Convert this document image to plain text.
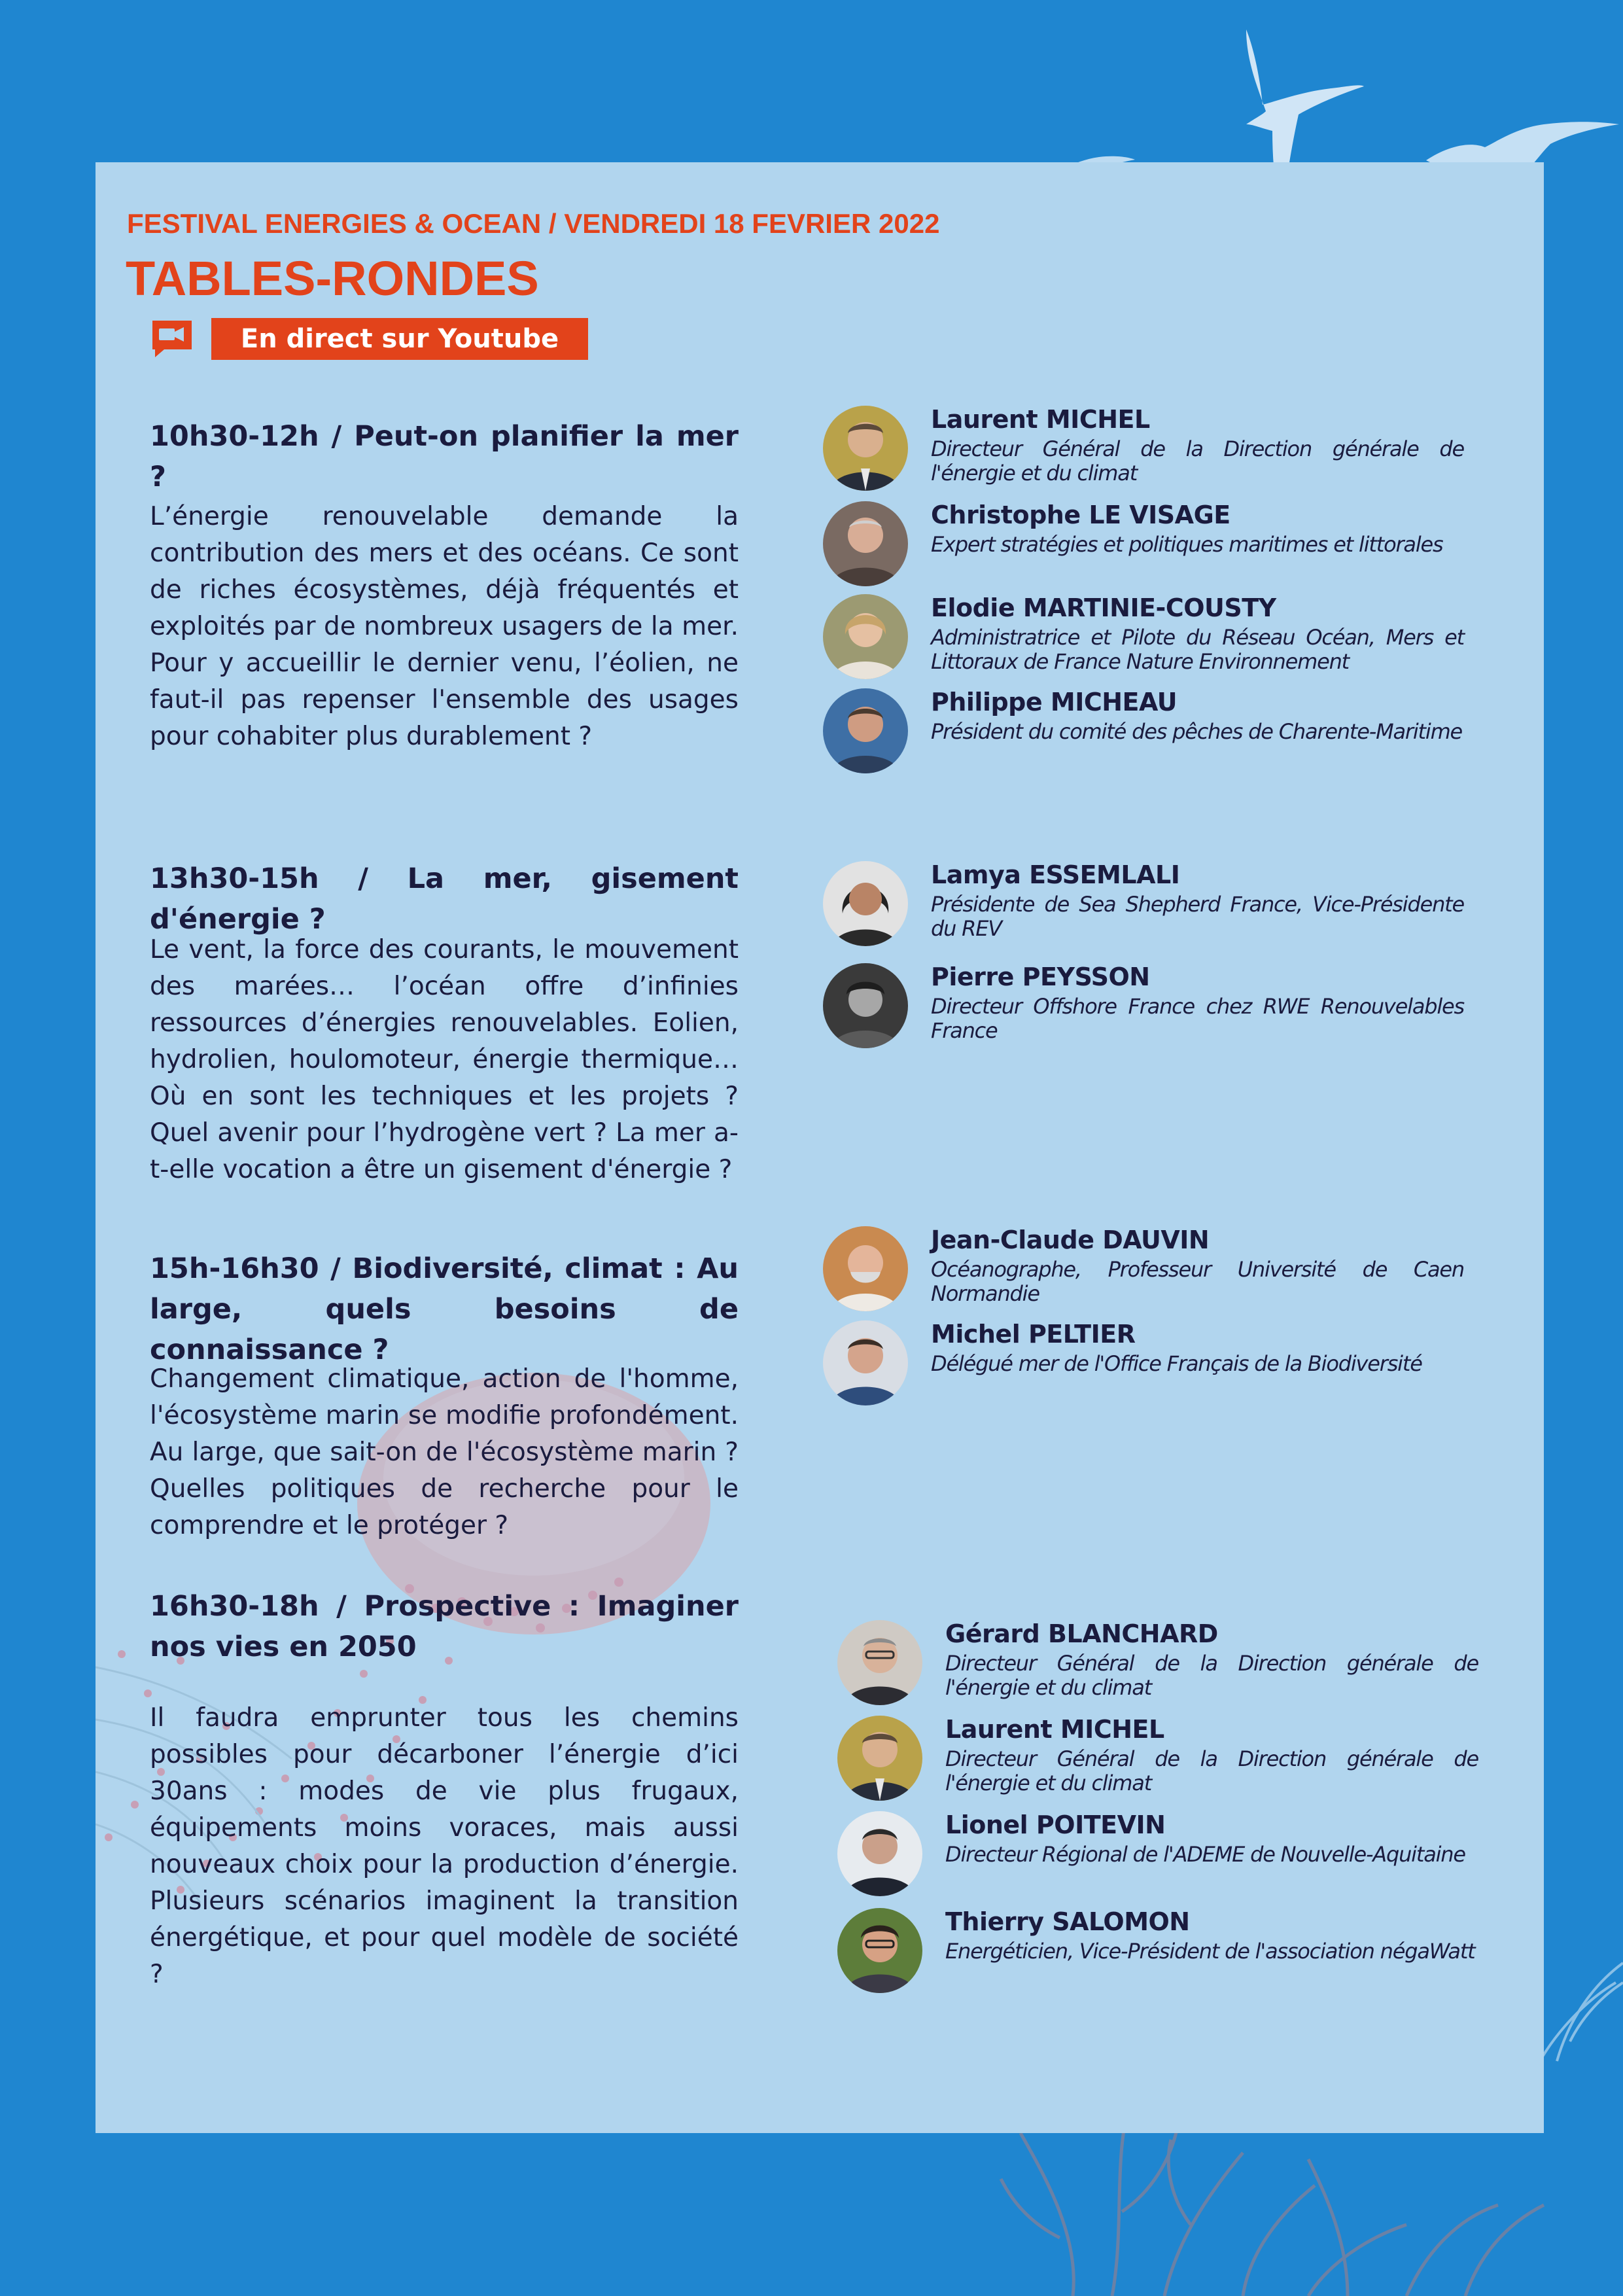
FESTIVAL ENERGIES & OCEAN / VENDREDI 18 FEVRIER 2022
TABLES-RONDES
En direct sur Youtube
10h30-12h / Peut-on planifier la mer ?
L’énergie renouvelable demande la contribution des mers et des océans. Ce sont de riches écosystèmes, déjà fréquentés et exploités par de nombreux usagers de la mer. Pour y accueillir le dernier venu, l’éolien, ne faut-il pas repenser l'ensemble des usages pour cohabiter plus durablement ?
Laurent MICHEL
Directeur Général de la Direction générale de l'énergie et du climat
Christophe LE VISAGE
Expert stratégies et politiques maritimes et littorales
Elodie MARTINIE-COUSTY
Administratrice et Pilote du Réseau Océan, Mers et Littoraux de France Nature Environnement
Philippe MICHEAU
Président du comité des pêches de Charente-Maritime
13h30-15h / La mer, gisement d'énergie ?
Le vent, la force des courants, le mouvement des marées… l’océan offre d’infinies ressources d’énergies renouvelables. Eolien, hydrolien, houlomoteur, énergie thermique… Où en sont les techniques et les projets ? Quel avenir pour l’hydrogène vert ? La mer a-t-elle vocation a être un gisement d'énergie ?
Lamya ESSEMLALI
Présidente de Sea Shepherd France, Vice-Présidente du REV
Pierre PEYSSON
Directeur Offshore France chez RWE Renouvelables France
15h-16h30 / Biodiversité, climat : Au large, quels besoins de connaissance ?
Changement climatique, action de l'homme, l'écosystème marin se modifie profondément. Au large, que sait-on de l'écosystème marin ? Quelles politiques de recherche pour le comprendre et le protéger ?
Jean-Claude DAUVIN
Océanographe, Professeur Université de Caen Normandie
Michel PELTIER
Délégué mer de l'Office Français de la Biodiversité
16h30-18h / Prospective : Imaginer nos vies en 2050
Il faudra emprunter tous les chemins possibles pour décarboner l’énergie d’ici 30ans : modes de vie plus frugaux, équipements moins voraces, mais aussi nouveaux choix pour la production d’énergie. Plusieurs scénarios imaginent la transition énergétique, et pour quel modèle de société ?
Gérard BLANCHARD
Directeur Général de la Direction générale de l'énergie et du climat
Laurent MICHEL
Directeur Général de la Direction générale de l'énergie et du climat
Lionel POITEVIN
Directeur Régional de l'ADEME de Nouvelle-Aquitaine
Thierry SALOMON
Energéticien, Vice-Président de l'association négaWatt
